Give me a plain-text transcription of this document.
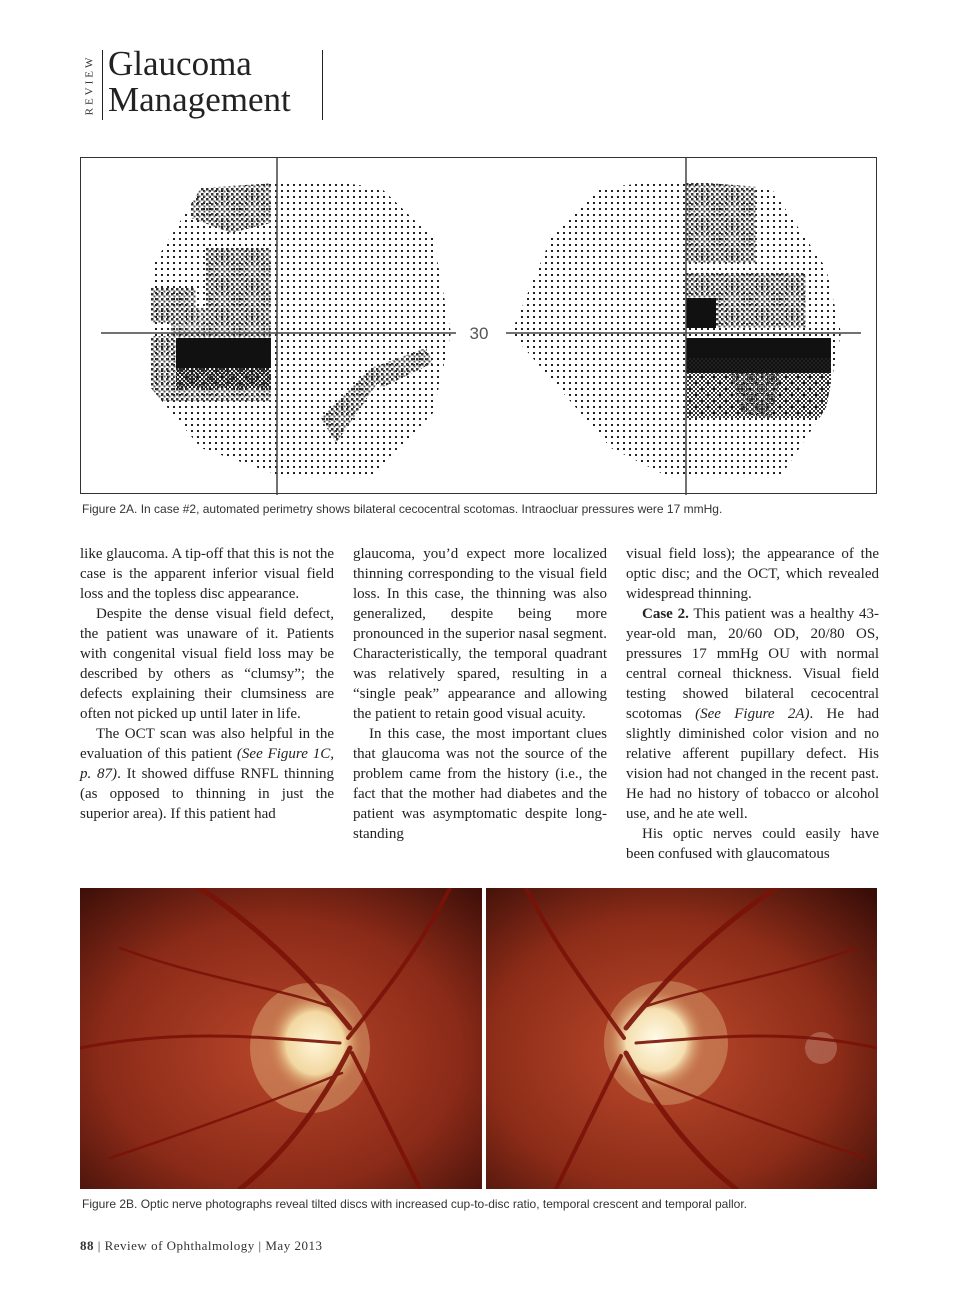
REVIEW Glaucoma
Management
30
Figure 2A. In case #2, automated perimetry shows bilateral cecocentral scotomas. Intraocluar pressures were 17 mmHg.

like glaucoma. A tip-off that this is not the case is the apparent inferior visual field loss and the topless disc appearance.

Despite the dense visual field defect, the patient was unaware of it. Patients with congenital visual field loss may be described by others as “clumsy”; the defects explaining their clumsiness are often not picked up until later in life.

The OCT scan was also helpful in the evaluation of this patient (See Figure 1C, p. 87). It showed diffuse RNFL thinning (as opposed to thinning in just the superior area). If this patient had

glaucoma, you’d expect more localized thinning corresponding to the visual field loss. In this case, the thinning was also generalized, despite being more pronounced in the superior nasal segment. Characteristically, the temporal quadrant was relatively spared, resulting in a “single peak” appearance and allowing the patient to retain good visual acuity.

In this case, the most important clues that glaucoma was not the source of the problem came from the history (i.e., the fact that the mother had diabetes and the patient was asymptomatic despite long-standing

visual field loss); the appearance of the optic disc; and the OCT, which revealed widespread thinning.

Case 2. This patient was a healthy 43-year-old man, 20/60 OD, 20/80 OS, pressures 17 mmHg OU with normal central corneal thickness. Visual field testing showed bilateral cecocentral scotomas (See Figure 2A). He had slightly diminished color vision and no relative afferent pupillary defect. His vision had not changed in the recent past. He had no history of tobacco or alcohol use, and he ate well.

His optic nerves could easily have been confused with glaucomatous

Figure 2B. Optic nerve photographs reveal tilted discs with increased cup-to-disc ratio, temporal crescent and temporal pallor.
88 | Review of Ophthalmology | May 2013
